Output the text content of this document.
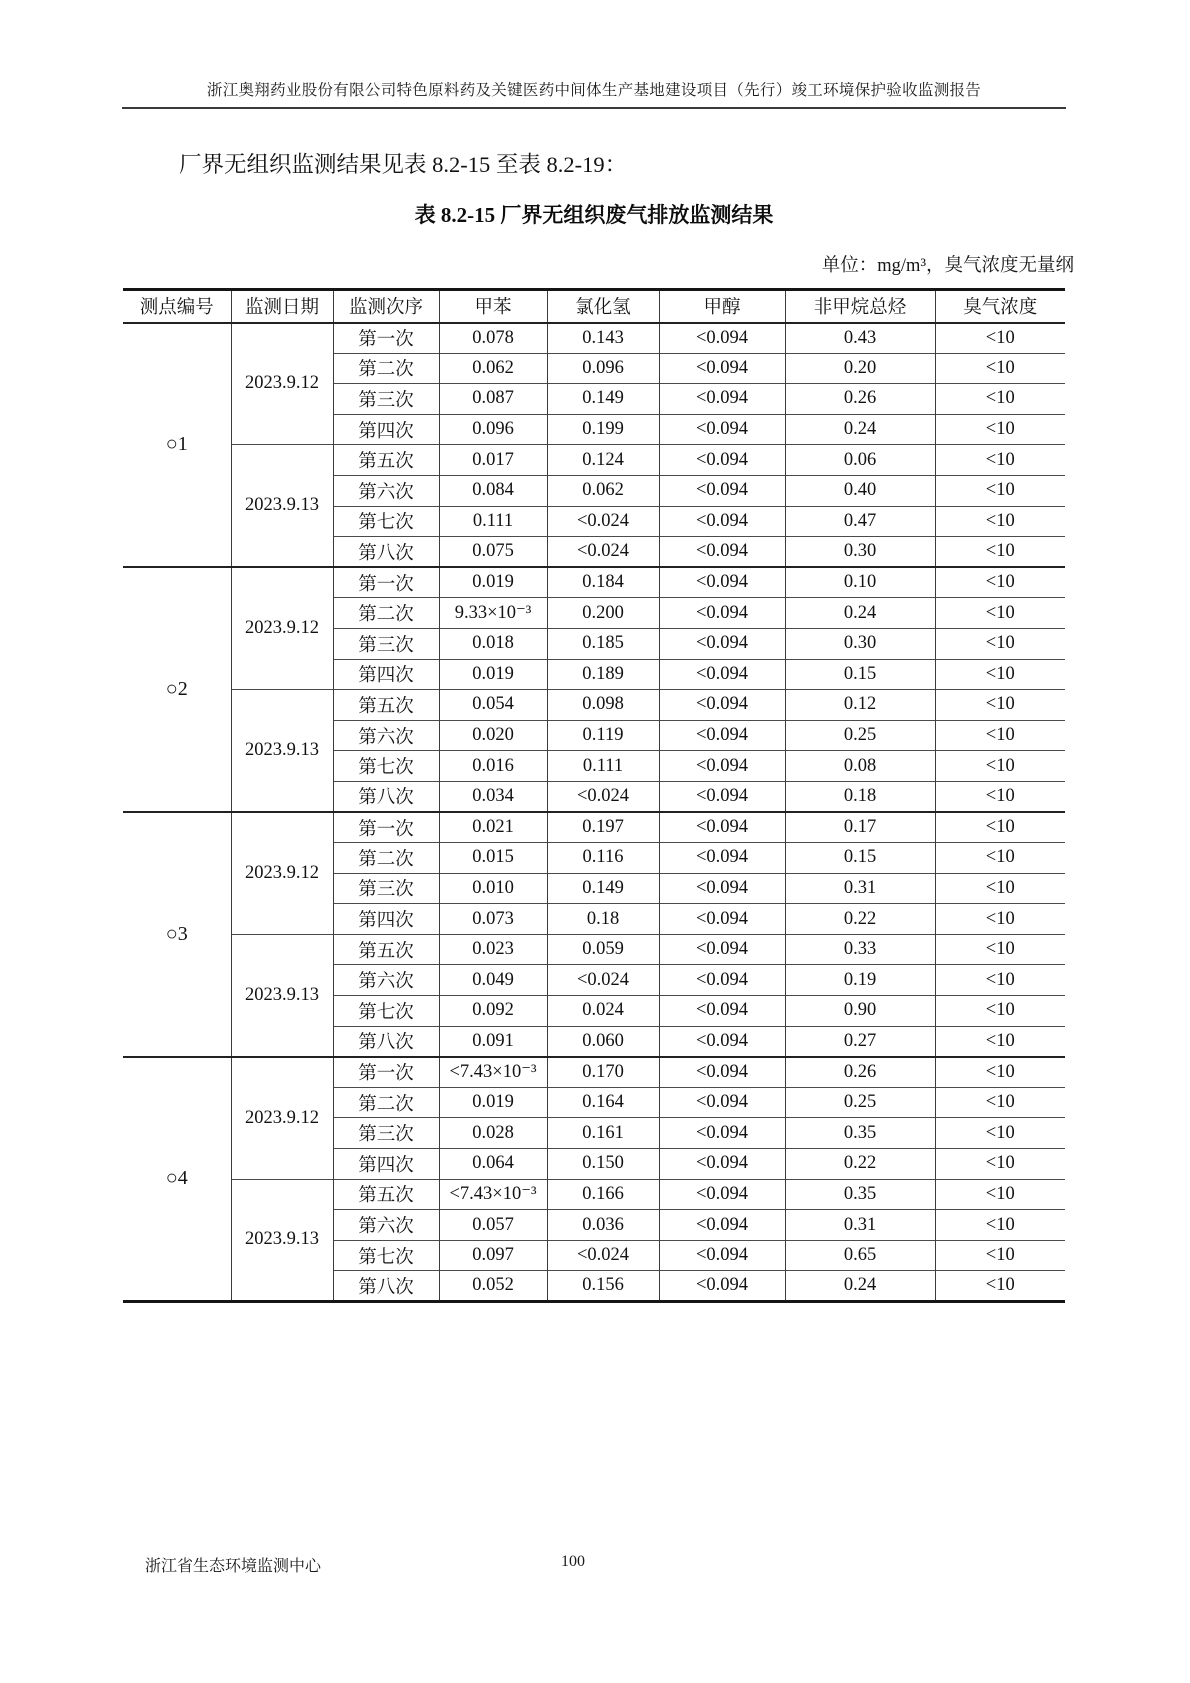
浙江奥翔药业股份有限公司特色原料药及关键医药中间体生产基地建设项目（先行）竣工环境保护验收监测报告
厂界无组织监测结果见表 8.2-15 至表 8.2-19：
表 8.2-15 厂界无组织废气排放监测结果
单位：mg/m³，臭气浓度无量纲
测点编号	监测日期	监测次序	甲苯	氯化氢	甲醇	非甲烷总烃	臭气浓度
○1	2023.9.12	第一次	0.078	0.143	<0.094	0.43	<10
		第二次	0.062	0.096	<0.094	0.20	<10
		第三次	0.087	0.149	<0.094	0.26	<10
		第四次	0.096	0.199	<0.094	0.24	<10
	2023.9.13	第五次	0.017	0.124	<0.094	0.06	<10
		第六次	0.084	0.062	<0.094	0.40	<10
		第七次	0.111	<0.024	<0.094	0.47	<10
		第八次	0.075	<0.024	<0.094	0.30	<10
○2	2023.9.12	第一次	0.019	0.184	<0.094	0.10	<10
		第二次	9.33×10⁻³	0.200	<0.094	0.24	<10
		第三次	0.018	0.185	<0.094	0.30	<10
		第四次	0.019	0.189	<0.094	0.15	<10
	2023.9.13	第五次	0.054	0.098	<0.094	0.12	<10
		第六次	0.020	0.119	<0.094	0.25	<10
		第七次	0.016	0.111	<0.094	0.08	<10
		第八次	0.034	<0.024	<0.094	0.18	<10
○3	2023.9.12	第一次	0.021	0.197	<0.094	0.17	<10
		第二次	0.015	0.116	<0.094	0.15	<10
		第三次	0.010	0.149	<0.094	0.31	<10
		第四次	0.073	0.18	<0.094	0.22	<10
	2023.9.13	第五次	0.023	0.059	<0.094	0.33	<10
		第六次	0.049	<0.024	<0.094	0.19	<10
		第七次	0.092	0.024	<0.094	0.90	<10
		第八次	0.091	0.060	<0.094	0.27	<10
○4	2023.9.12	第一次	<7.43×10⁻³	0.170	<0.094	0.26	<10
		第二次	0.019	0.164	<0.094	0.25	<10
		第三次	0.028	0.161	<0.094	0.35	<10
		第四次	0.064	0.150	<0.094	0.22	<10
	2023.9.13	第五次	<7.43×10⁻³	0.166	<0.094	0.35	<10
		第六次	0.057	0.036	<0.094	0.31	<10
		第七次	0.097	<0.024	<0.094	0.65	<10
		第八次	0.052	0.156	<0.094	0.24	<10
浙江省生态环境监测中心	100
